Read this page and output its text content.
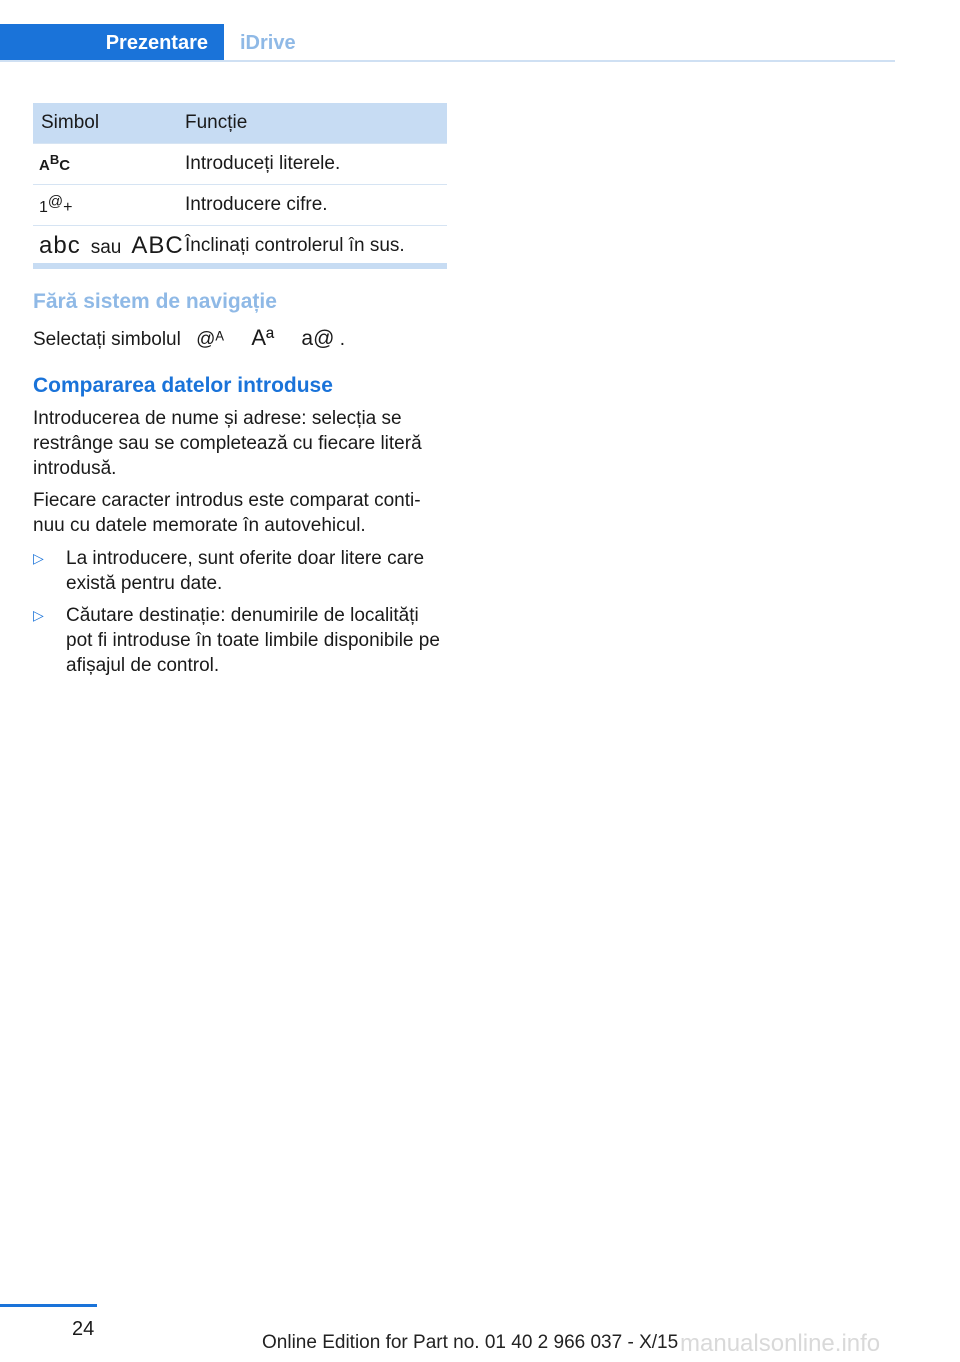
Prezentare	iDrive
Simbol	Funcție
$A^BC$	Introduceți literele.
1@+	Introducere cifre.
abc sau ABC	Înclinați controlerul în sus.
Fără sistem de navigație
Selectați simbolul @ᴬ Aª a@ .
Compararea datelor introduse

Introducerea de nume și adrese: selecția se restrânge sau se completează cu fiecare literă introdusă.

Fiecare caracter introdus este comparat conti‐nuu cu datele memorate în autovehicul.

▷ La introducere, sunt oferite doar litere care există pentru date.
▷ Căutare destinație: denumirile de localități pot fi introduse în toate limbile disponibile pe afișajul de control.
24
Online Edition for Part no. 01 40 2 966 037 - X/15 manualsonline.info
